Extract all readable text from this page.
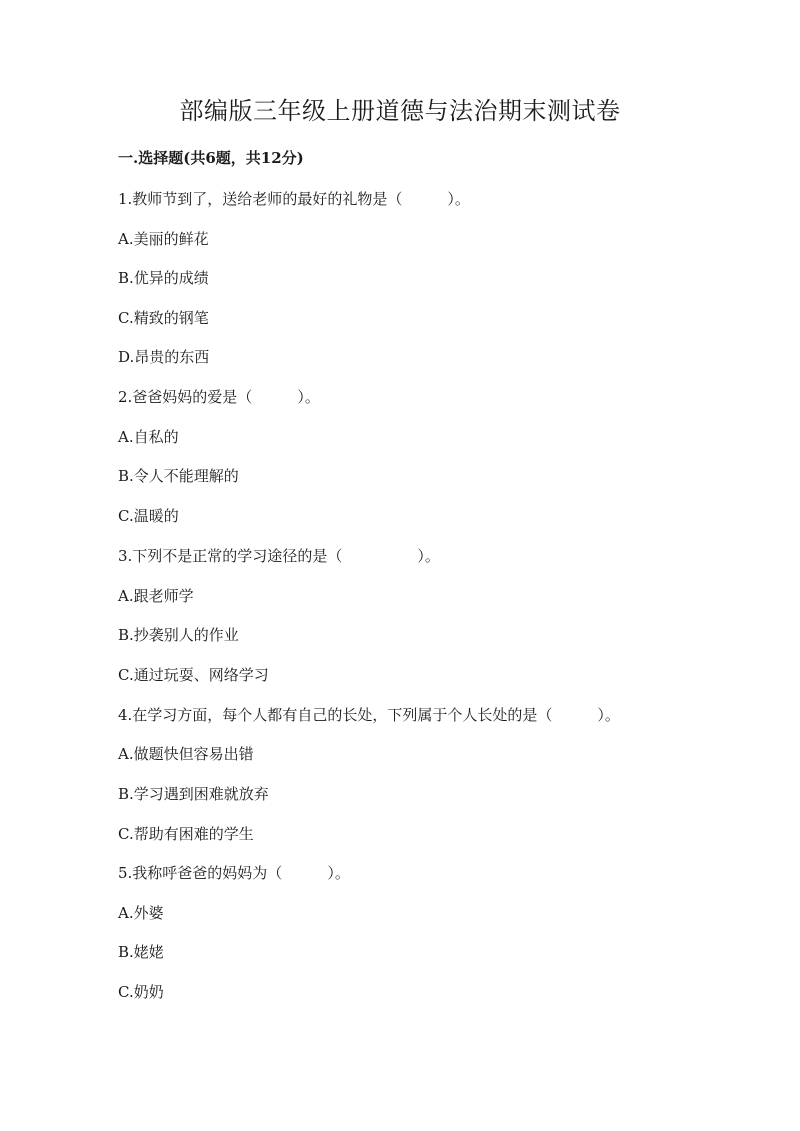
部编版三年级上册道德与法治期末测试卷
一.选择题(共6题，共12分)
1.教师节到了，送给老师的最好的礼物是（　　　）。
A.美丽的鲜花
B.优异的成绩
C.精致的钢笔
D.昂贵的东西
2.爸爸妈妈的爱是（　　　）。
A.自私的
B.令人不能理解的
C.温暖的
3.下列不是正常的学习途径的是（　　　　　）。
A.跟老师学
B.抄袭别人的作业
C.通过玩耍、网络学习
4.在学习方面，每个人都有自己的长处，下列属于个人长处的是（　　　）。
A.做题快但容易出错
B.学习遇到困难就放弃
C.帮助有困难的学生
5.我称呼爸爸的妈妈为（　　　）。
A.外婆
B.姥姥
C.奶奶
